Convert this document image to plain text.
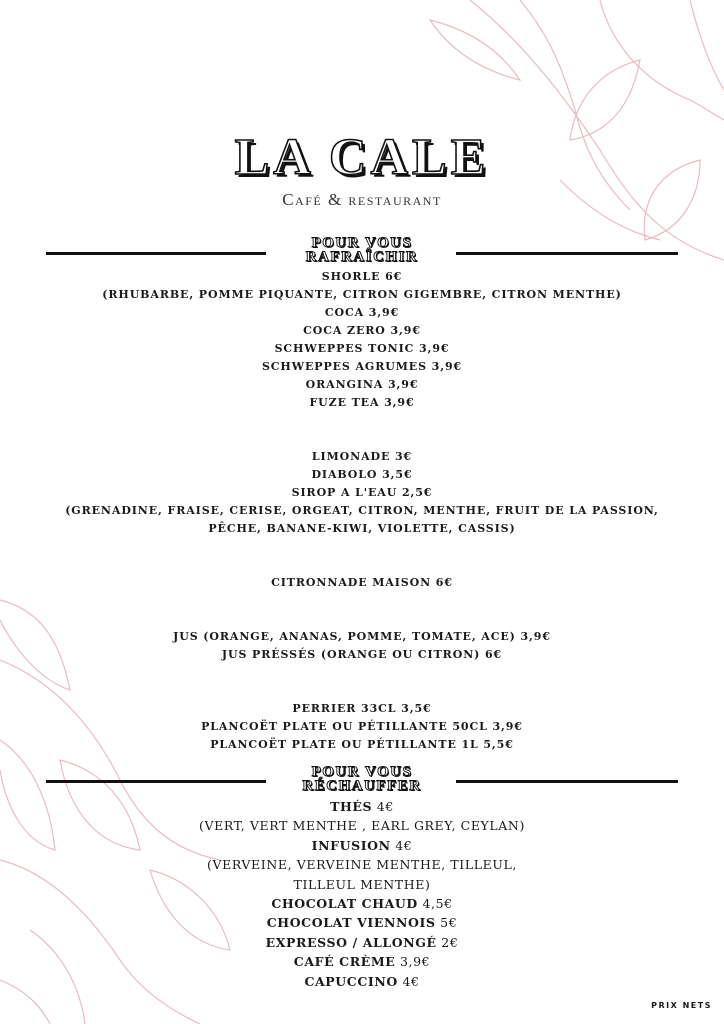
LA CALE
Café & restaurant
POUR VOUS
RAFRAÎCHIR
SHORLE 6€
(RHUBARBE, POMME PIQUANTE, CITRON GIGEMBRE, CITRON MENTHE)
COCA 3,9€
COCA ZERO 3,9€
SCHWEPPES TONIC 3,9€
SCHWEPPES AGRUMES 3,9€
ORANGINA 3,9€
FUZE TEA 3,9€
LIMONADE 3€
DIABOLO 3,5€
SIROP A L'EAU 2,5€
(GRENADINE, FRAISE, CERISE, ORGEAT, CITRON, MENTHE, FRUIT DE LA PASSION,
PÊCHE, BANANE-KIWI, VIOLETTE, CASSIS)
CITRONNADE MAISON 6€
JUS (ORANGE, ANANAS, POMME, TOMATE, ACE) 3,9€
JUS PRÉSSÉS (ORANGE OU CITRON) 6€
PERRIER 33CL 3,5€
PLANCOËT PLATE OU PÉTILLANTE 50CL 3,9€
PLANCOËT PLATE OU PÉTILLANTE 1L 5,5€
POUR VOUS
RÉCHAUFFER
THÉS 4€
(VERT, VERT MENTHE , EARL GREY, CEYLAN)
INFUSION 4€
(VERVEINE, VERVEINE MENTHE, TILLEUL,
TILLEUL MENTHE)
CHOCOLAT CHAUD 4,5€
CHOCOLAT VIENNOIS 5€
EXPRESSO / ALLONGÉ 2€
CAFÉ CRÈME 3,9€
CAPUCCINO 4€
PRIX NETS
